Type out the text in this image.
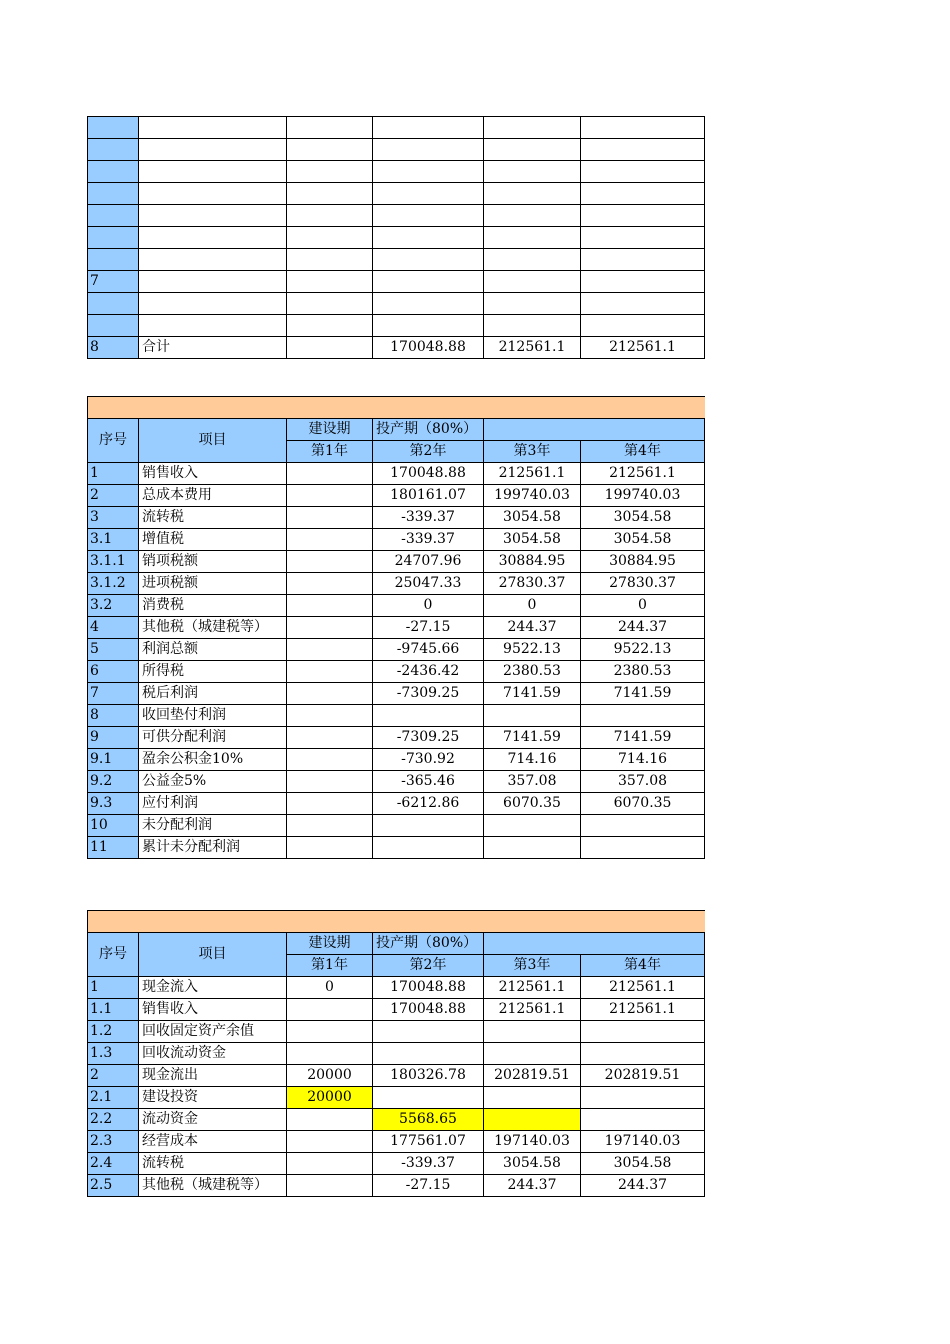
7					

8	合计		170048.88	212561.1	212561.1

序号	项目	建设期	投产期（80%）		
		第1年	第2年	第3年	第4年
1	销售收入		170048.88	212561.1	212561.1
2	总成本费用		180161.07	199740.03	199740.03
3	流转税		-339.37	3054.58	3054.58
3.1	增值税		-339.37	3054.58	3054.58
3.1.1	销项税额		24707.96	30884.95	30884.95
3.1.2	进项税额		25047.33	27830.37	27830.37
3.2	消费税		0	0	0
4	其他税（城建税等）		-27.15	244.37	244.37
5	利润总额		-9745.66	9522.13	9522.13
6	所得税		-2436.42	2380.53	2380.53
7	税后利润		-7309.25	7141.59	7141.59
8	收回垫付利润				
9	可供分配利润		-7309.25	7141.59	7141.59
9.1	盈余公积金10%		-730.92	714.16	714.16
9.2	公益金5%		-365.46	357.08	357.08
9.3	应付利润		-6212.86	6070.35	6070.35
10	未分配利润				
11	累计未分配利润				

序号	项目	建设期	投产期（80%）		
		第1年	第2年	第3年	第4年
1	现金流入	0	170048.88	212561.1	212561.1
1.1	销售收入		170048.88	212561.1	212561.1
1.2	回收固定资产余值				
1.3	回收流动资金				
2	现金流出	20000	180326.78	202819.51	202819.51
2.1	建设投资	20000			
2.2	流动资金		5568.65		
2.3	经营成本		177561.07	197140.03	197140.03
2.4	流转税		-339.37	3054.58	3054.58
2.5	其他税（城建税等）		-27.15	244.37	244.37
